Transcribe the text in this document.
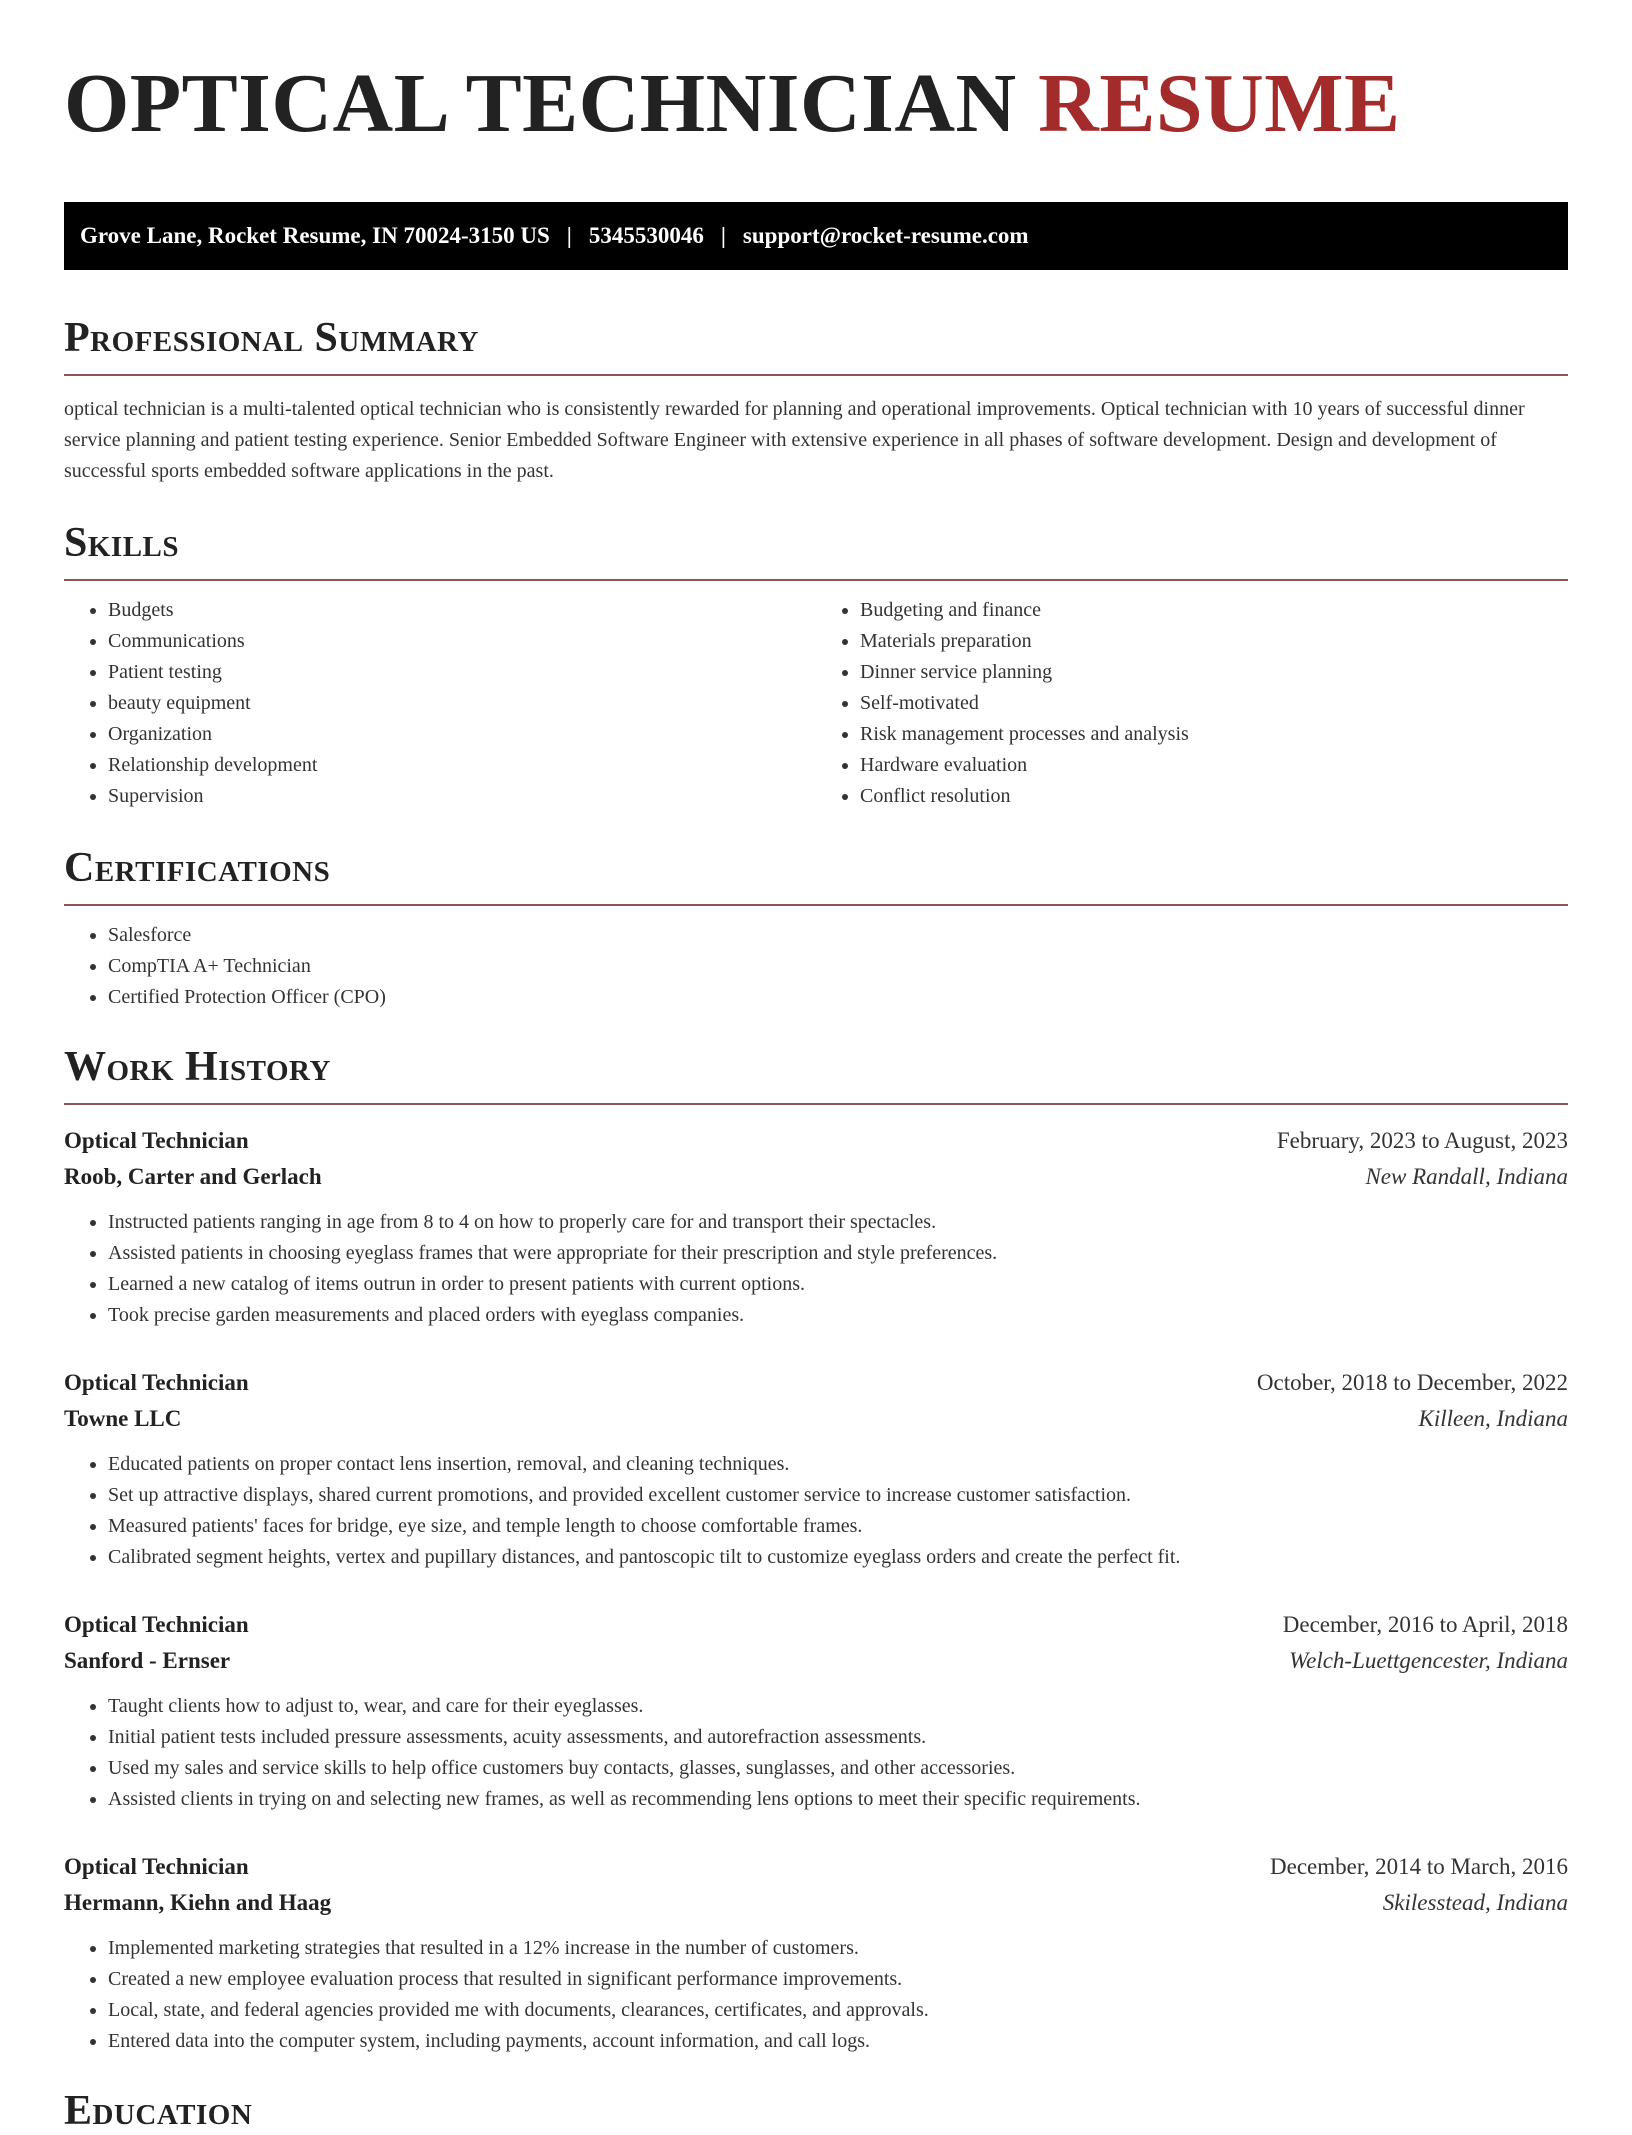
OPTICAL TECHNICIAN RESUME
Grove Lane, Rocket Resume, IN 70024-3150 US | 5345530046 | support@rocket-resume.com
Professional Summary

optical technician is a multi-talented optical technician who is consistently rewarded for planning and operational improvements. Optical technician with 10 years of successful dinner service planning and patient testing experience. Senior Embedded Software Engineer with extensive experience in all phases of software development. Design and development of successful sports embedded software applications in the past.

Skills
• Budgets
• Communications
• Patient testing
• beauty equipment
• Organization
• Relationship development
• Supervision
• Budgeting and finance
• Materials preparation
• Dinner service planning
• Self-motivated
• Risk management processes and analysis
• Hardware evaluation
• Conflict resolution
Certifications
• Salesforce
• CompTIA A+ Technician
• Certified Protection Officer (CPO)
Work History
Optical Technician	February, 2023 to August, 2023
Roob, Carter and Gerlach	New Randall, Indiana
• Instructed patients ranging in age from 8 to 4 on how to properly care for and transport their spectacles.
• Assisted patients in choosing eyeglass frames that were appropriate for their prescription and style preferences.
• Learned a new catalog of items outrun in order to present patients with current options.
• Took precise garden measurements and placed orders with eyeglass companies.
Optical Technician	October, 2018 to December, 2022
Towne LLC	Killeen, Indiana
• Educated patients on proper contact lens insertion, removal, and cleaning techniques.
• Set up attractive displays, shared current promotions, and provided excellent customer service to increase customer satisfaction.
• Measured patients' faces for bridge, eye size, and temple length to choose comfortable frames.
• Calibrated segment heights, vertex and pupillary distances, and pantoscopic tilt to customize eyeglass orders and create the perfect fit.
Optical Technician	December, 2016 to April, 2018
Sanford - Ernser	Welch-Luettgencester, Indiana
• Taught clients how to adjust to, wear, and care for their eyeglasses.
• Initial patient tests included pressure assessments, acuity assessments, and autorefraction assessments.
• Used my sales and service skills to help office customers buy contacts, glasses, sunglasses, and other accessories.
• Assisted clients in trying on and selecting new frames, as well as recommending lens options to meet their specific requirements.
Optical Technician	December, 2014 to March, 2016
Hermann, Kiehn and Haag	Skilesstead, Indiana
• Implemented marketing strategies that resulted in a 12% increase in the number of customers.
• Created a new employee evaluation process that resulted in significant performance improvements.
• Local, state, and federal agencies provided me with documents, clearances, certificates, and approvals.
• Entered data into the computer system, including payments, account information, and call logs.
Education
